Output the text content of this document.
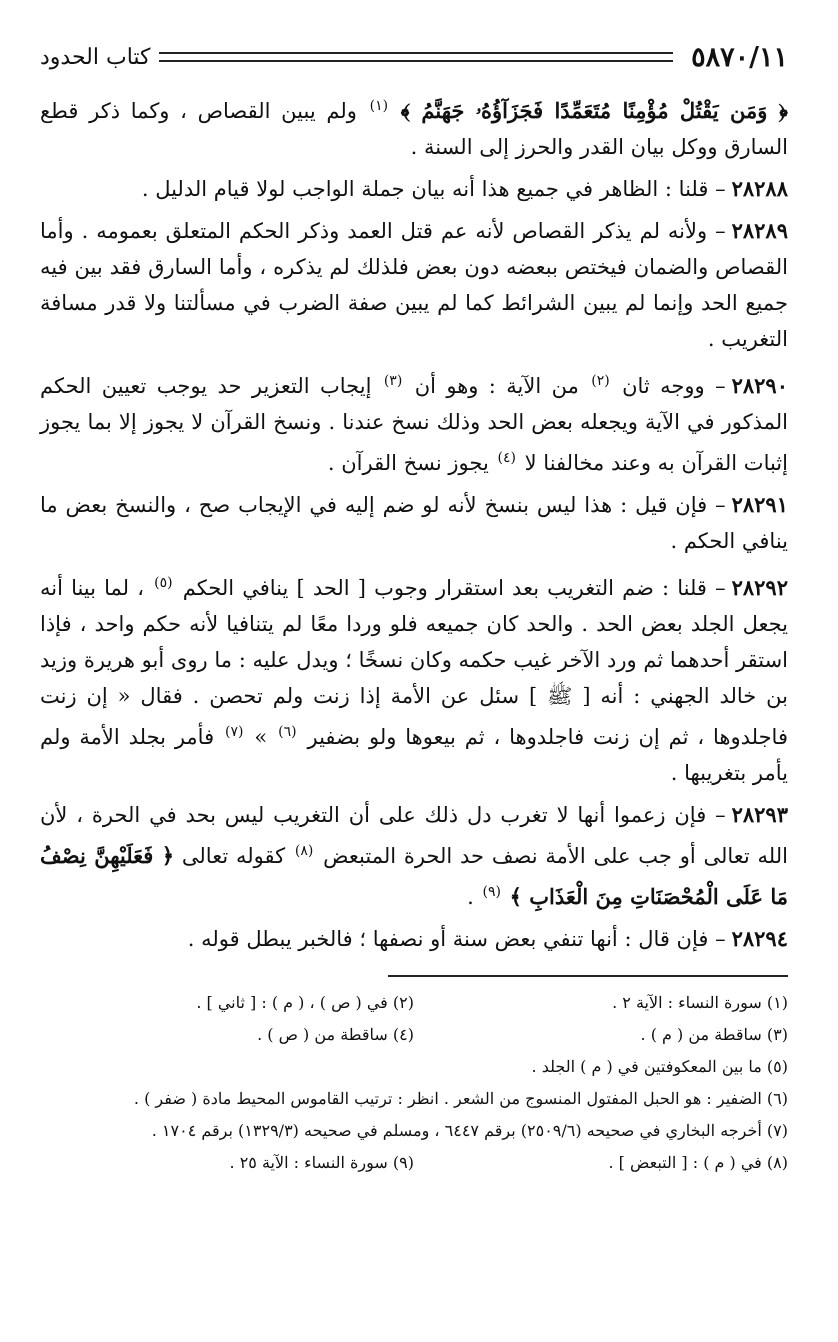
٥٨٧٠/١١
كتاب الحدود

﴿ وَمَن يَقْتُلْ مُؤْمِنًا مُتَعَمِّدًا فَجَزَآؤُهُۥ جَهَنَّمُ ﴾ $^{(١)}$ ولم يبين القصاص ، وكما ذكر قطع السارق ووكل بيان القدر والحرز إلى السنة .

٢٨٢٨٨– قلنا : الظاهر في جميع هذا أنه بيان جملة الواجب لولا قيام الدليل .

٢٨٢٨٩– ولأنه لم يذكر القصاص لأنه عم قتل العمد وذكر الحكم المتعلق بعمومه . وأما القصاص والضمان فيختص ببعضه دون بعض فلذلك لم يذكره ، وأما السارق فقد بين فيه جميع الحد وإنما لم يبين الشرائط كما لم يبين صفة الضرب في مسألتنا ولا قدر مسافة التغريب .

٢٨٢٩٠– ووجه ثان $^{(٢)}$ من الآية : وهو أن $^{(٣)}$ إيجاب التعزير حد يوجب تعيين الحكم المذكور في الآية ويجعله بعض الحد وذلك نسخ عندنا . ونسخ القرآن لا يجوز إلا بما يجوز إثبات القرآن به وعند مخالفنا لا $^{(٤)}$ يجوز نسخ القرآن .

٢٨٢٩١– فإن قيل : هذا ليس بنسخ لأنه لو ضم إليه في الإيجاب صح ، والنسخ بعض ما ينافي الحكم .

٢٨٢٩٢– قلنا : ضم التغريب بعد استقرار وجوب [ الحد ] ينافي الحكم $^{(٥)}$ ، لما بينا أنه يجعل الجلد بعض الحد . والحد كان جميعه فلو وردا معًا لم يتنافيا لأنه حكم واحد ، فإذا استقر أحدهما ثم ورد الآخر غيب حكمه وكان نسخًا ؛ ويدل عليه : ما روى أبو هريرة وزيد بن خالد الجهني : أنه [ ﷺ ] سئل عن الأمة إذا زنت ولم تحصن . فقال « إن زنت فاجلدوها ، ثم إن زنت فاجلدوها ، ثم بيعوها ولو بضفير $^{(٦)}$ » $^{(٧)}$ فأمر بجلد الأمة ولم يأمر بتغريبها .

٢٨٢٩٣– فإن زعموا أنها لا تغرب دل ذلك على أن التغريب ليس بحد في الحرة ، لأن الله تعالى أو جب على الأمة نصف حد الحرة المتبعض $^{(٨)}$ كقوله تعالى ﴿ فَعَلَيْهِنَّ نِصْفُ مَا عَلَى الْمُحْصَنَاتِ مِنَ الْعَذَابِ ﴾ $^{(٩)}$ .

٢٨٢٩٤– فإن قال : أنها تنفي بعض سنة أو نصفها ؛ فالخبر يبطل قوله .

(١) سورة النساء : الآية ٢ .
(٢) في ( ص ) ، ( م ) : [ ثاني ] .
(٣) ساقطة من ( م ) .
(٤) ساقطة من ( ص ) .
(٥) ما بين المعكوفتين في ( م ) الجلد .
(٦) الضفير : هو الحبل المفتول المنسوج من الشعر . انظر : ترتيب القاموس المحيط مادة ( ضفر ) .
(٧) أخرجه البخاري في صحيحه (٢٥٠٩/٦) برقم ٦٤٤٧ ، ومسلم في صحيحه (١٣٢٩/٣) برقم ١٧٠٤ .
(٨) في ( م ) : [ التبعض ] .
(٩) سورة النساء : الآية ٢٥ .
